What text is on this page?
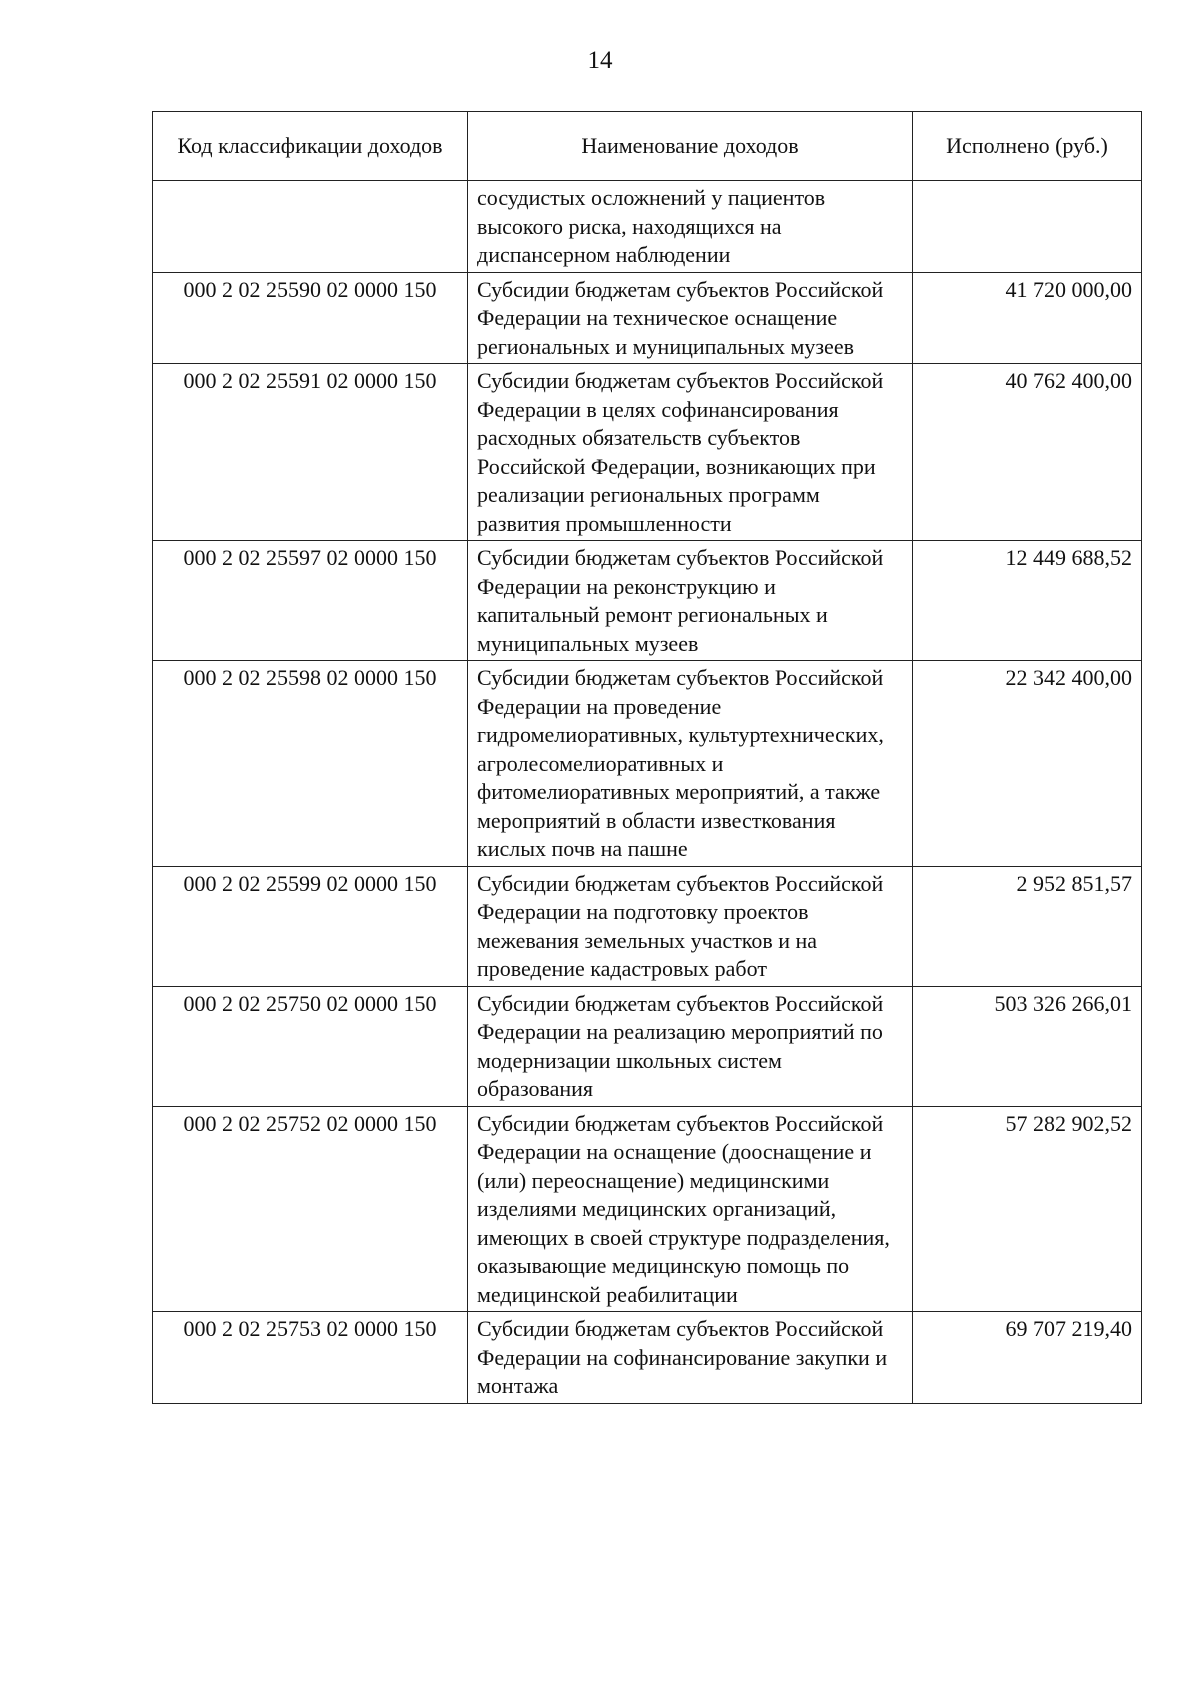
14
Код классификации доходов	Наименование доходов	Исполнено (руб.)
	сосудистых осложнений у пациентов высокого риска, находящихся на диспансерном наблюдении	
000 2 02 25590 02 0000 150	Субсидии бюджетам субъектов Российской Федерации на техническое оснащение региональных и муниципальных музеев	41 720 000,00
000 2 02 25591 02 0000 150	Субсидии бюджетам субъектов Российской Федерации в целях софинансирования расходных обязательств субъектов Российской Федерации, возникающих при реализации региональных программ развития промышленности	40 762 400,00
000 2 02 25597 02 0000 150	Субсидии бюджетам субъектов Российской Федерации на реконструкцию и капитальный ремонт региональных и муниципальных музеев	12 449 688,52
000 2 02 25598 02 0000 150	Субсидии бюджетам субъектов Российской Федерации на проведение гидромелиоративных, культуртехнических, агролесомелиоративных и фитомелиоративных мероприятий, а также мероприятий в области известкования кислых почв на пашне	22 342 400,00
000 2 02 25599 02 0000 150	Субсидии бюджетам субъектов Российской Федерации на подготовку проектов межевания земельных участков и на проведение кадастровых работ	2 952 851,57
000 2 02 25750 02 0000 150	Субсидии бюджетам субъектов Российской Федерации на реализацию мероприятий по модернизации школьных систем образования	503 326 266,01
000 2 02 25752 02 0000 150	Субсидии бюджетам субъектов Российской Федерации на оснащение (дооснащение и (или) переоснащение) медицинскими изделиями медицинских организаций, имеющих в своей структуре подразделения, оказывающие медицинскую помощь по медицинской реабилитации	57 282 902,52
000 2 02 25753 02 0000 150	Субсидии бюджетам субъектов Российской Федерации на софинансирование закупки и монтажа	69 707 219,40
